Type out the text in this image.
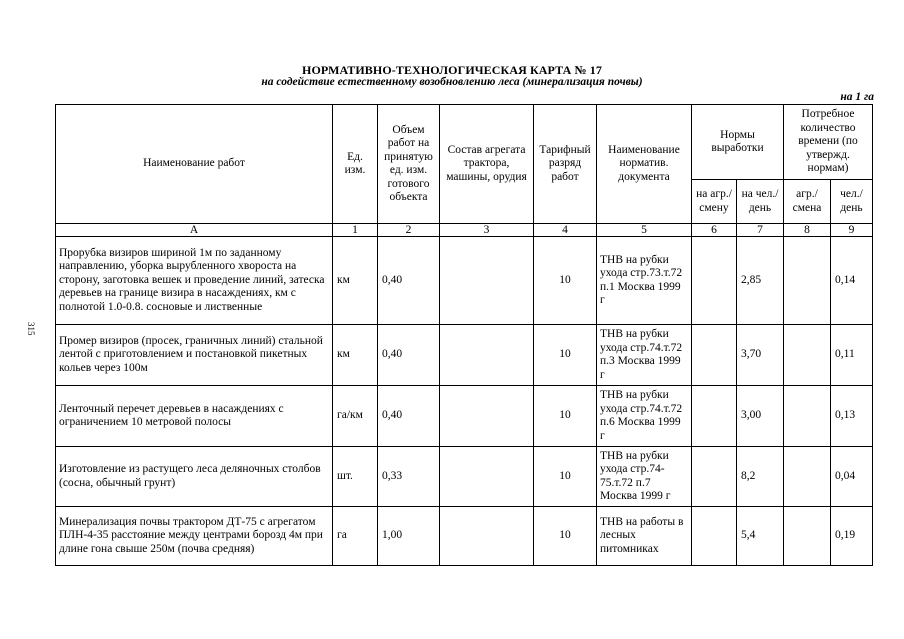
НОРМАТИВНО-ТЕХНОЛОГИЧЕСКАЯ КАРТА № 17
на содействие естественному возобновлению леса (минерализация почвы)
на 1 га
315
Наименование работ	Ед. изм.	Объем работ на принятую ед. изм. готового объекта	Состав агрегата трактора, машины, орудия	Тарифный разряд работ	Наименование норматив. документа	Нормы выработки		Потребное количество времени (по утвержд. нормам)	
						на агр./ смену	на чел./ день	агр./ смена	чел./ день
А	1	2	3	4	5	6	7	8	9
Прорубка визиров шириной 1м по заданному направлению, уборка вырубленного хвороста на сторону, заготовка вешек и проведение линий, затеска деревьев на границе визира в насаждениях, км с полнотой 1.0-0.8. сосновые и лиственные	км	0,40		10	ТНВ на рубки ухода стр.73.т.72 п.1 Москва 1999 г		2,85		0,14
Промер визиров (просек, граничных линий) стальной лентой с приготовлением и постановкой пикетных кольев через 100м	км	0,40		10	ТНВ на рубки ухода стр.74.т.72 п.3 Москва 1999 г		3,70		0,11
Ленточный перечет деревьев в насаждениях с ограничением 10 метровой полосы	га/км	0,40		10	ТНВ на рубки ухода стр.74.т.72 п.6 Москва 1999 г		3,00		0,13
Изготовление из растущего леса деляночных столбов (сосна, обычный грунт)	шт.	0,33		10	ТНВ на рубки ухода стр.74-75.т.72 п.7 Москва 1999 г		8,2		0,04
Минерализация почвы трактором ДТ-75 с агрегатом ПЛН-4-35 расстояние между центрами борозд 4м при длине гона свыше 250м (почва средняя)	га	1,00		10	ТНВ на работы в лесных питомниках		5,4		0,19
